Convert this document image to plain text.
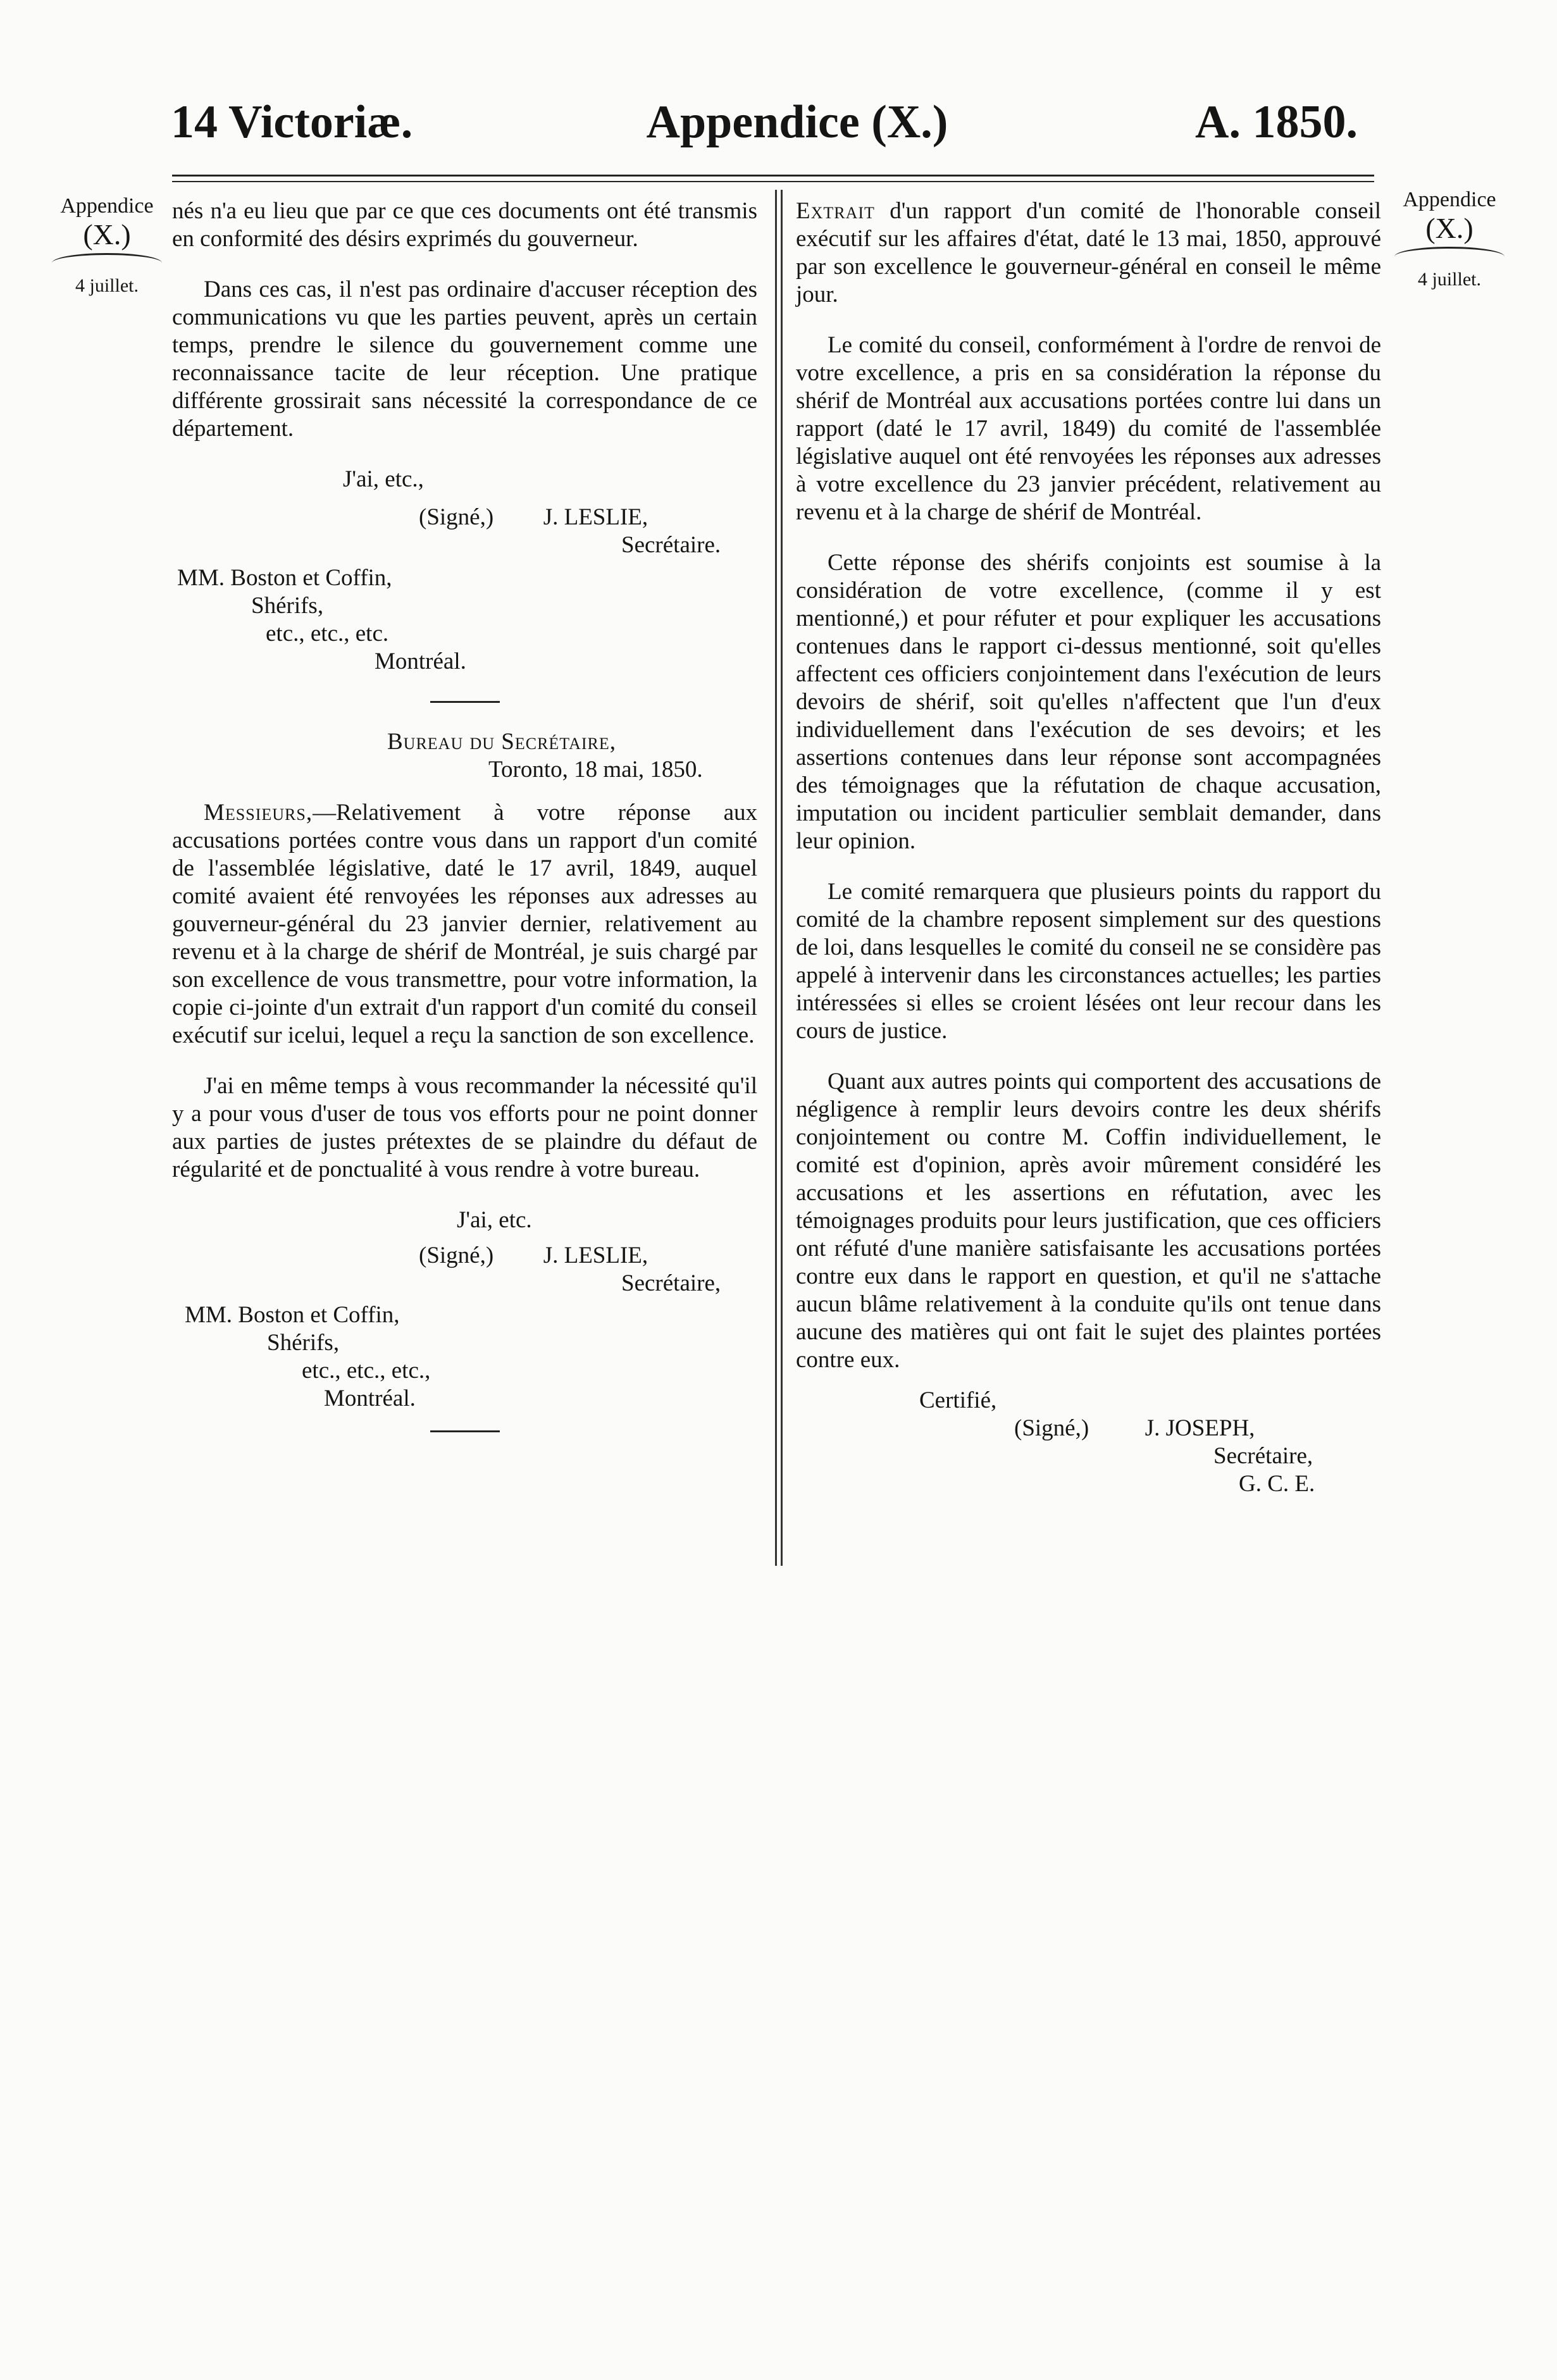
14 Victoriæ.	Appendice (X.)	A. 1850.
Appendice
(X.)
4 juillet.
Appendice
(X.)
4 juillet.

nés n'a eu lieu que par ce que ces documents ont été transmis en conformité des désirs exprimés du gouverneur.

Dans ces cas, il n'est pas ordinaire d'accuser réception des communications vu que les parties peuvent, après un certain temps, prendre le silence du gouvernement comme une reconnaissance tacite de leur réception. Une pratique différente grossirait sans nécessité la correspondance de ce département.

J'ai, etc.,
(Signé,) J. LESLIE,
Secrétaire.
MM. Boston et Coffin,
Shérifs,
etc., etc., etc.
Montréal.
Bureau du Secrétaire,
Toronto, 18 mai, 1850.

Messieurs,—Relativement à votre réponse aux accusations portées contre vous dans un rapport d'un comité de l'assemblée législative, daté le 17 avril, 1849, auquel comité avaient été renvoyées les réponses aux adresses au gouverneur-général du 23 janvier dernier, relativement au revenu et à la charge de shérif de Montréal, je suis chargé par son excellence de vous transmettre, pour votre information, la copie ci-jointe d'un extrait d'un rapport d'un comité du conseil exécutif sur icelui, lequel a reçu la sanction de son excellence.

J'ai en même temps à vous recommander la nécessité qu'il y a pour vous d'user de tous vos efforts pour ne point donner aux parties de justes prétextes de se plaindre du défaut de régularité et de ponctualité à vous rendre à votre bureau.

J'ai, etc.
(Signé,) J. LESLIE,
Secrétaire,
MM. Boston et Coffin,
Shérifs,
etc., etc., etc.,
Montréal.

Extrait d'un rapport d'un comité de l'honorable conseil exécutif sur les affaires d'état, daté le 13 mai, 1850, approuvé par son excellence le gouverneur-général en conseil le même jour.

Le comité du conseil, conformément à l'ordre de renvoi de votre excellence, a pris en sa considération la réponse du shérif de Montréal aux accusations portées contre lui dans un rapport (daté le 17 avril, 1849) du comité de l'assemblée législative auquel ont été renvoyées les réponses aux adresses à votre excellence du 23 janvier précédent, relativement au revenu et à la charge de shérif de Montréal.

Cette réponse des shérifs conjoints est soumise à la considération de votre excellence, (comme il y est mentionné,) et pour réfuter et pour expliquer les accusations contenues dans le rapport ci-dessus mentionné, soit qu'elles affectent ces officiers conjointement dans l'exécution de leurs devoirs de shérif, soit qu'elles n'affectent que l'un d'eux individuellement dans l'exécution de ses devoirs; et les assertions contenues dans leur réponse sont accompagnées des témoignages que la réfutation de chaque accusation, imputation ou incident particulier semblait demander, dans leur opinion.

Le comité remarquera que plusieurs points du rapport du comité de la chambre reposent simplement sur des questions de loi, dans lesquelles le comité du conseil ne se considère pas appelé à intervenir dans les circonstances actuelles; les parties intéressées si elles se croient lésées ont leur recour dans les cours de justice.

Quant aux autres points qui comportent des accusations de négligence à remplir leurs devoirs contre les deux shérifs conjointement ou contre M. Coffin individuellement, le comité est d'opinion, après avoir mûrement considéré les accusations et les assertions en réfutation, avec les témoignages produits pour leurs justification, que ces officiers ont réfuté d'une manière satisfaisante les accusations portées contre eux dans le rapport en question, et qu'il ne s'attache aucun blâme relativement à la conduite qu'ils ont tenue dans aucune des matières qui ont fait le sujet des plaintes portées contre eux.

Certifié,
(Signé,) J. JOSEPH,
Secrétaire,
G. C. E.
